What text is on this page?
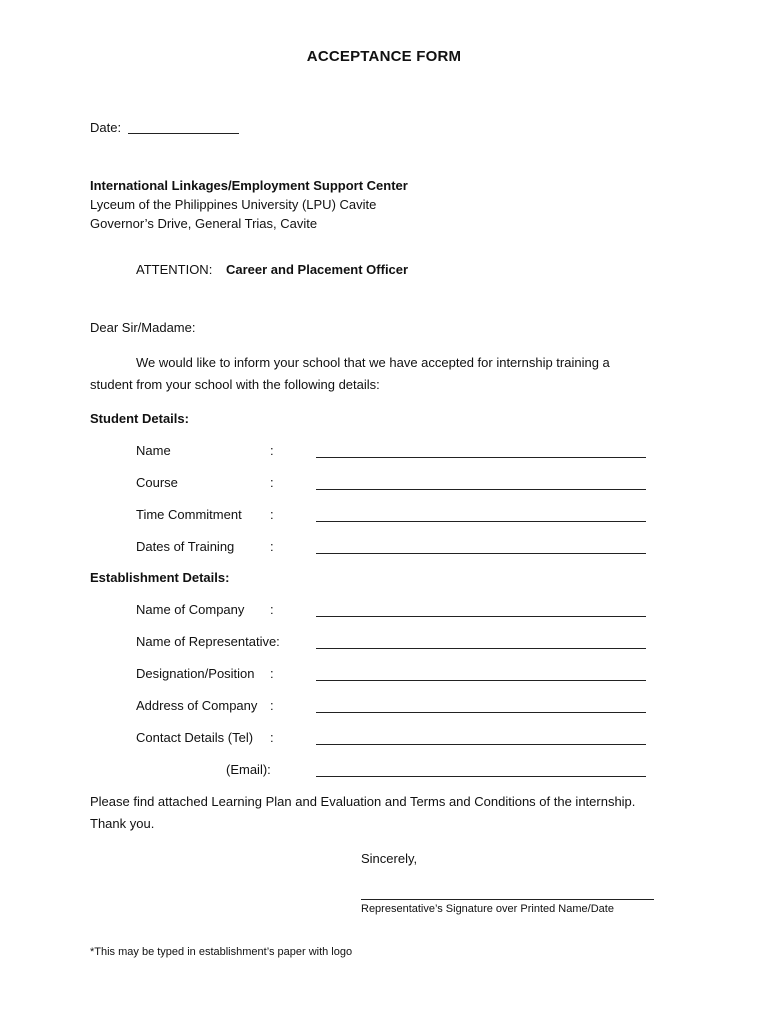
ACCEPTANCE FORM
Date:
International Linkages/Employment Support Center
Lyceum of the Philippines University (LPU) Cavite
Governor’s Drive, General Trias, Cavite
ATTENTION: Career and Placement Officer
Dear Sir/Madame:
We would like to inform your school that we have accepted for internship training a
student from your school with the following details:
Student Details:
Name	:
Course	:
Time Commitment :
Dates of Training	:
Establishment Details:
Name of Company :
Name of Representative:
Designation/Position :
Address of Company :
Contact Details (Tel) :
(Email):
Please find attached Learning Plan and Evaluation and Terms and Conditions of the internship.
Thank you.
Sincerely,
Representative’s Signature over Printed Name/Date
*This may be typed in establishment’s paper with logo
